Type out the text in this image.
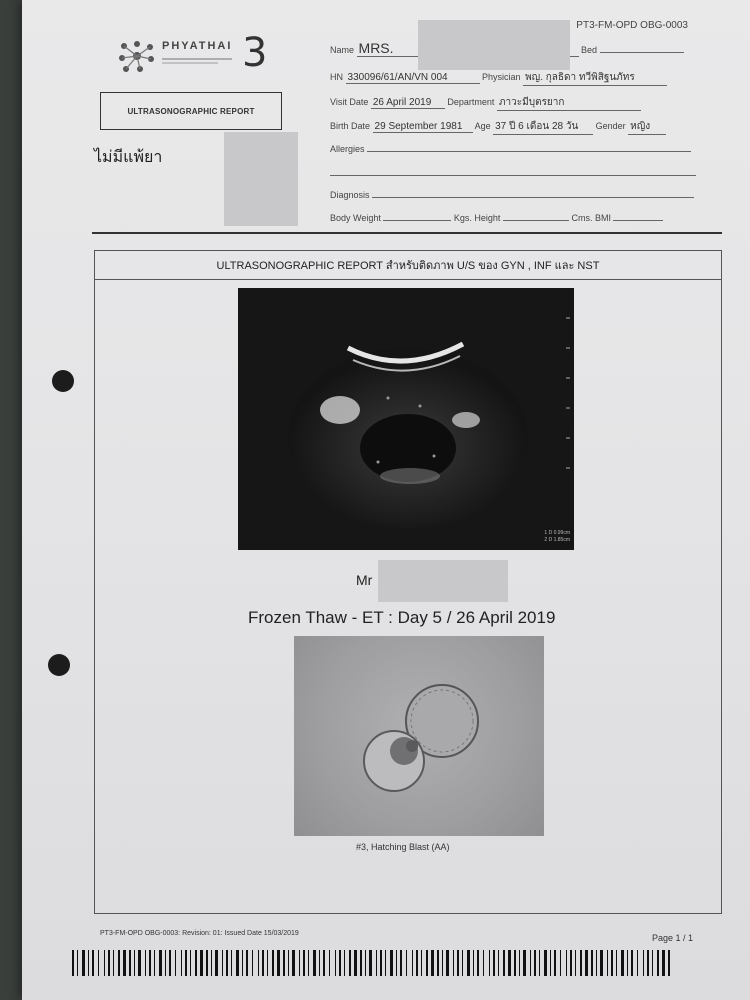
PHYATHAI 3
PT3-FM-OPD OBG-0003
ULTRASONOGRAPHIC REPORT
ไม่มีแพ้ยา
Name MRS.	Bed
HN 330096/61/AN/VN 004	Physician พญ. กุลธิดา ทวีพิสิฐนภัทร
Visit Date 26 April 2019 Department ภาวะมีบุตรยาก
Birth Date 29 September 1981 Age 37 ปี 6 เดือน 28 วัน Gender หญิง
Allergies
Diagnosis
Body Weight	Kgs. Height	Cms. BMI
ULTRASONOGRAPHIC REPORT สำหรับติดภาพ U/S ของ GYN , INF และ NST
1 D 0.99cm
2 D 1.85cm
Mr
Frozen Thaw - ET : Day 5 / 26 April 2019
#3, Hatching Blast (AA)
PT3-FM-OPD OBG-0003: Revision: 01: Issued Date 15/03/2019	Page 1 / 1
